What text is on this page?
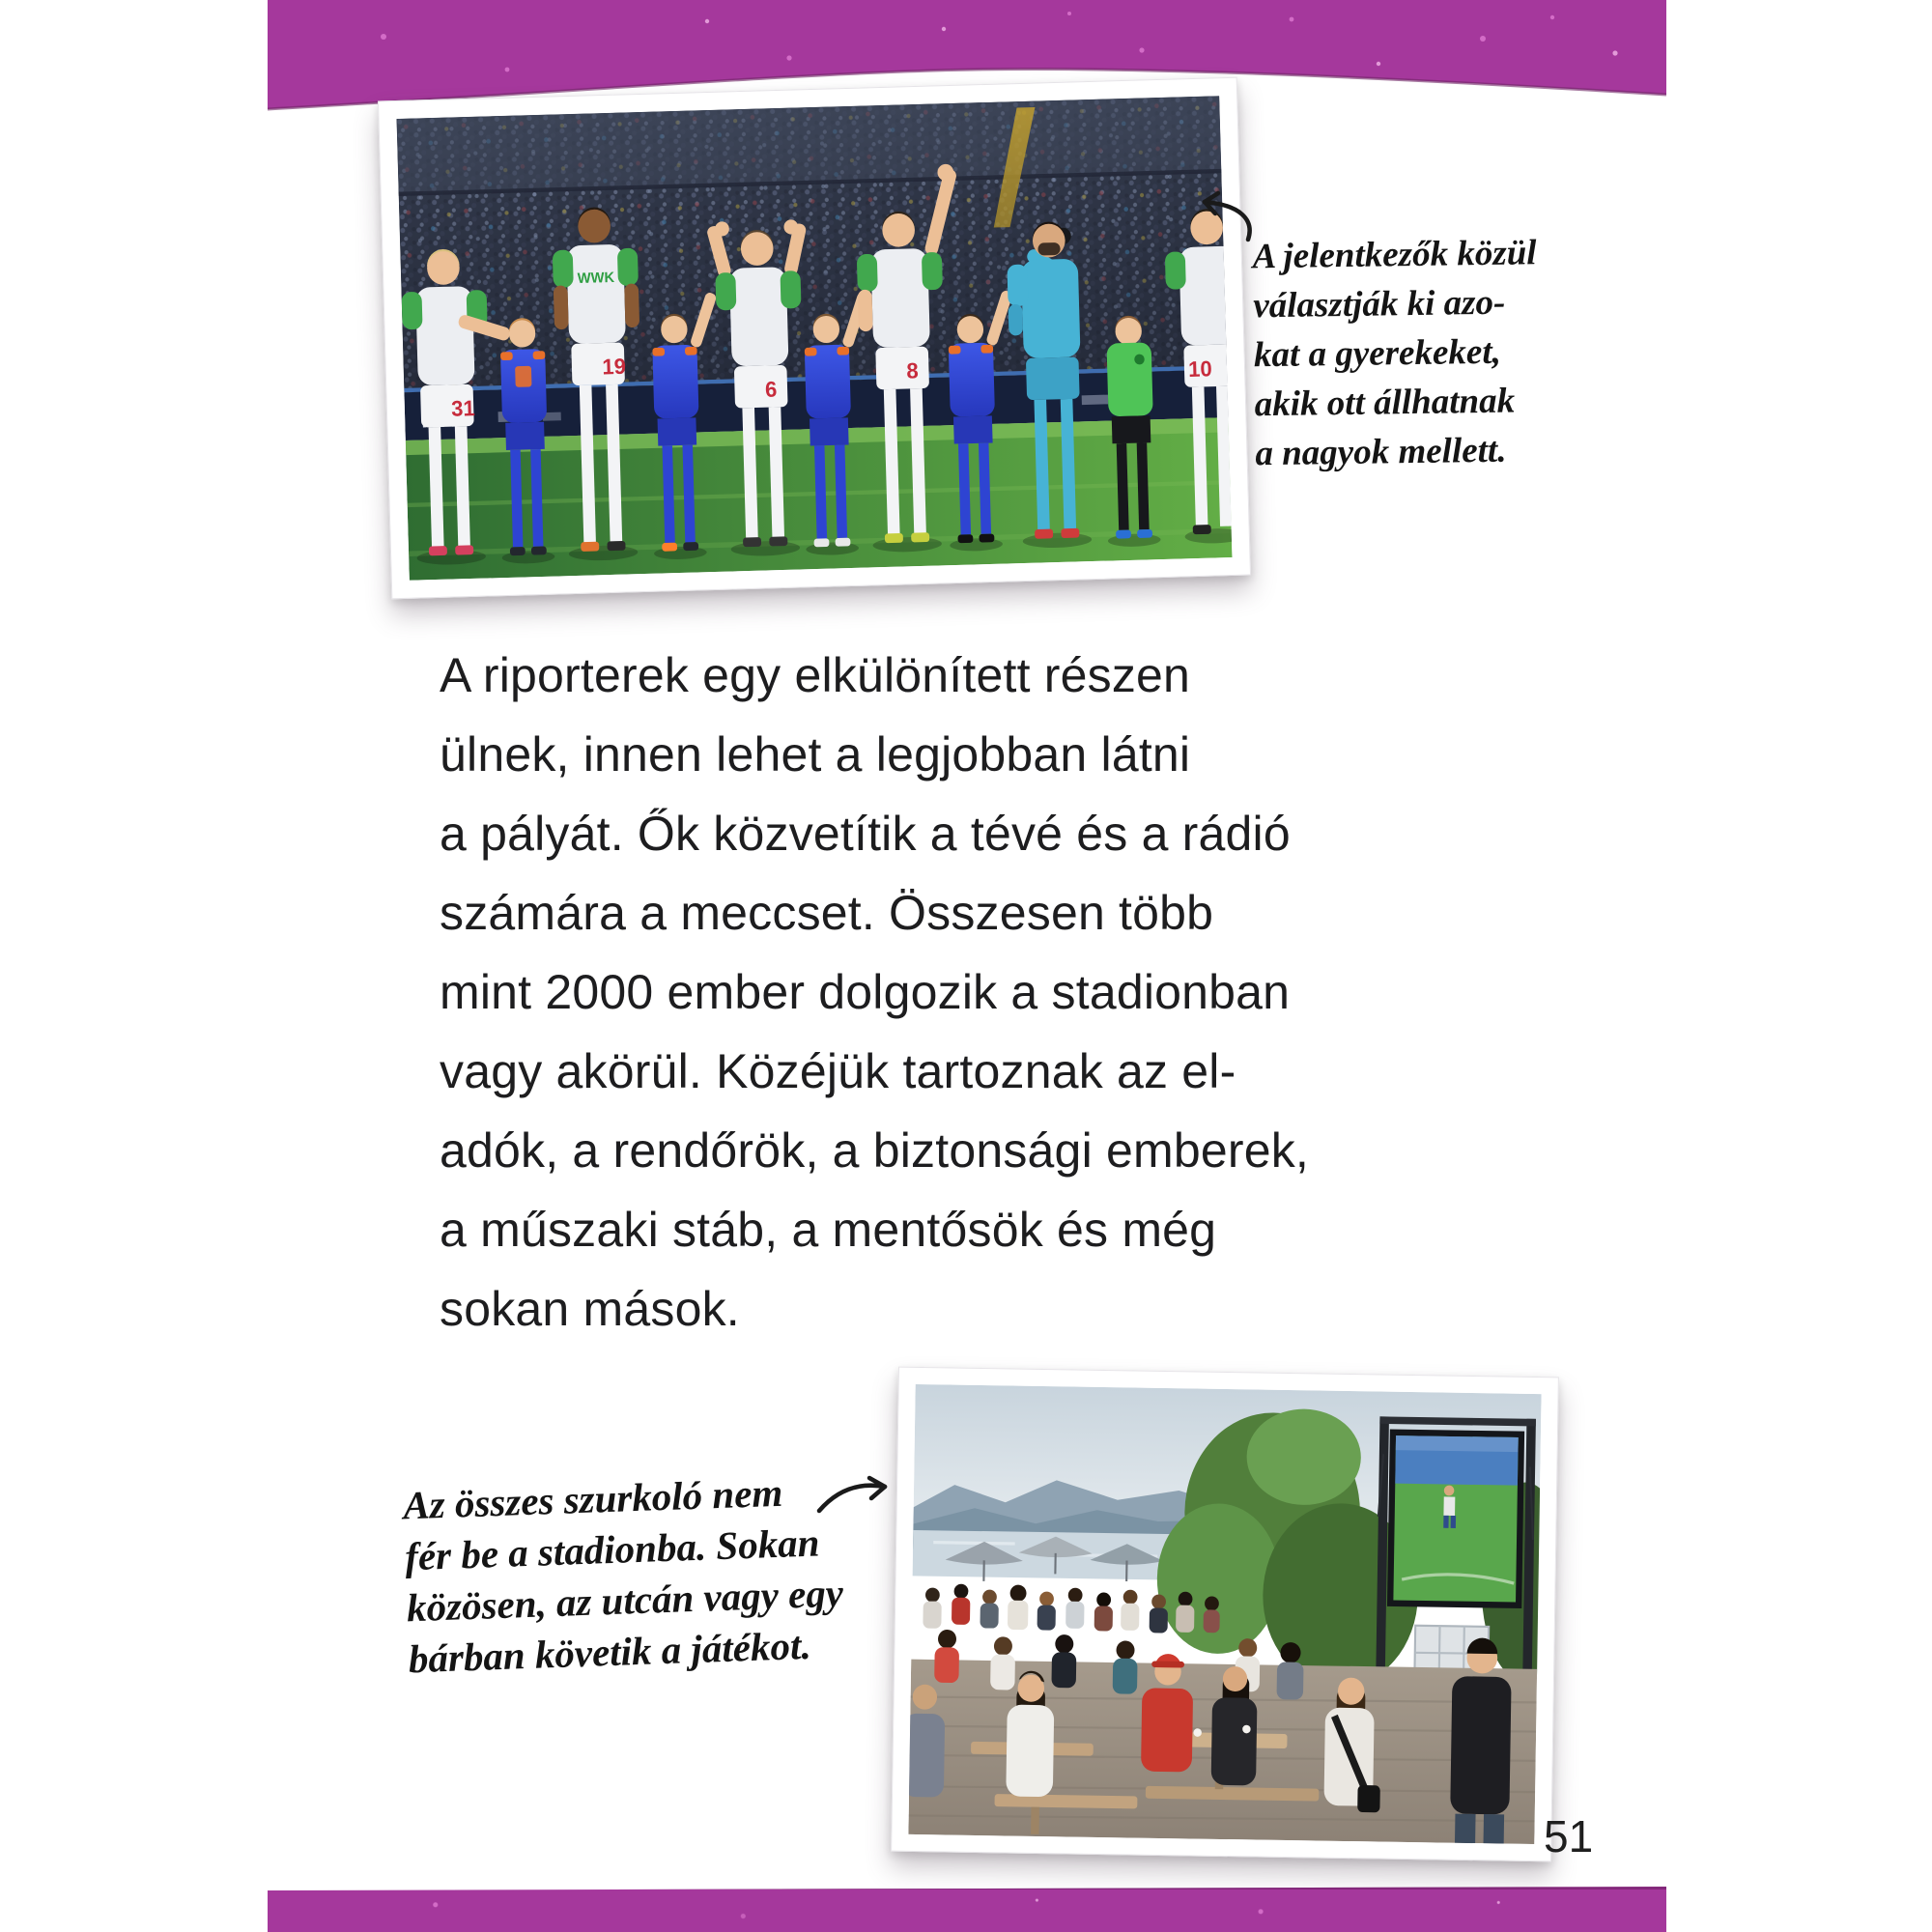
31
WWK
19
6
8	10
A jelentkezők közül
választják ki azo-
kat a gyerekeket,
akik ott állhatnak
a nagyok mellett.
A riporterek egy elkülönített részen
ülnek, innen lehet a legjobban látni
a pályát. Ők közvetítik a tévé és a rádió
számára a meccset. Összesen több
mint 2000 ember dolgozik a stadionban
vagy akörül. Közéjük tartoznak az el-
adók, a rendőrök, a biztonsági emberek,
a műszaki stáb, a mentősök és még
sokan mások.
Az összes szurkoló nem
fér be a stadionba. Sokan
közösen, az utcán vagy egy
bárban követik a játékot.
51
